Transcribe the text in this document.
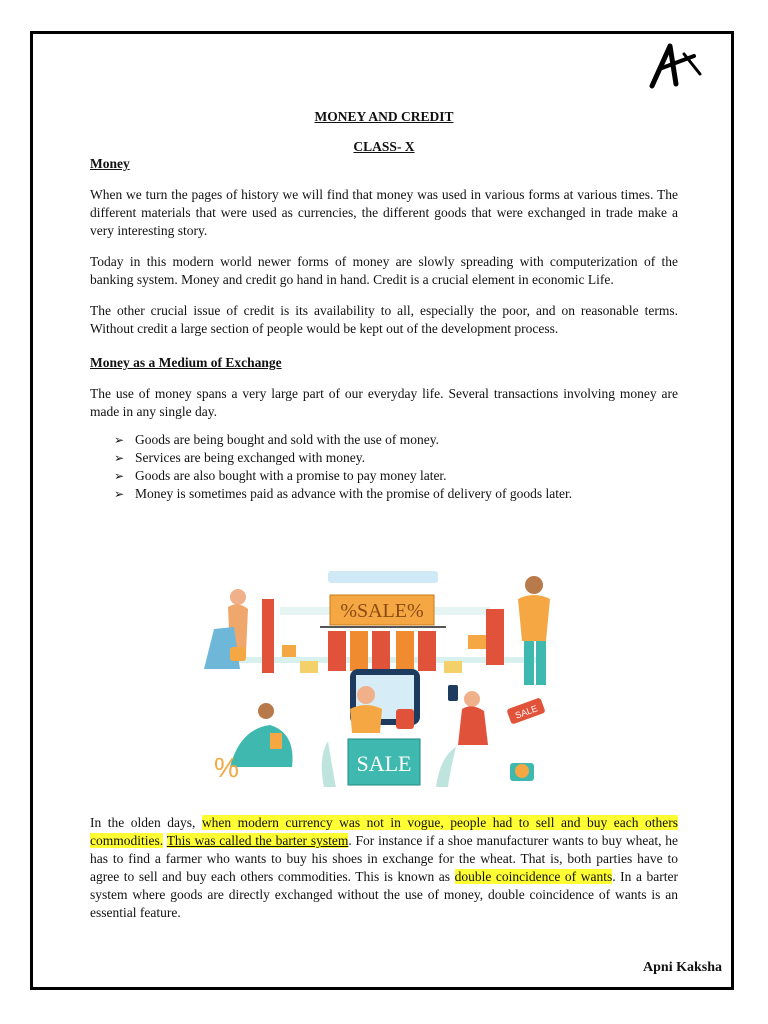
MONEY AND CREDIT
CLASS- X
Money

When we turn the pages of history we will find that money was used in various forms at various times. The different materials that were used as currencies, the different goods that were exchanged in trade make a very interesting story.

Today in this modern world newer forms of money are slowly spreading with computerization of the banking system. Money and credit go hand in hand. Credit is a crucial element in economic Life.

The other crucial issue of credit is its availability to all, especially the poor, and on reasonable terms. Without credit a large section of people would be kept out of the development process.

Money as a Medium of Exchange

The use of money spans a very large part of our everyday life. Several transactions involving money are made in any single day.

➢ Goods are being bought and sold with the use of money.
➢ Services are being exchanged with money.
➢ Goods are also bought with a promise to pay money later.
➢ Money is sometimes paid as advance with the promise of delivery of goods later.
%SALE%
SALE
%
SALE
In the olden days, when modern currency was not in vogue, people had to sell and buy each others commodities. This was called the barter system. For instance if a shoe manufacturer wants to buy wheat, he has to find a farmer who wants to buy his shoes in exchange for the wheat. That is, both parties have to agree to sell and buy each others commodities. This is known as double coincidence of wants. In a barter system where goods are directly exchanged without the use of money, double coincidence of wants is an essential feature.
Apni Kaksha
